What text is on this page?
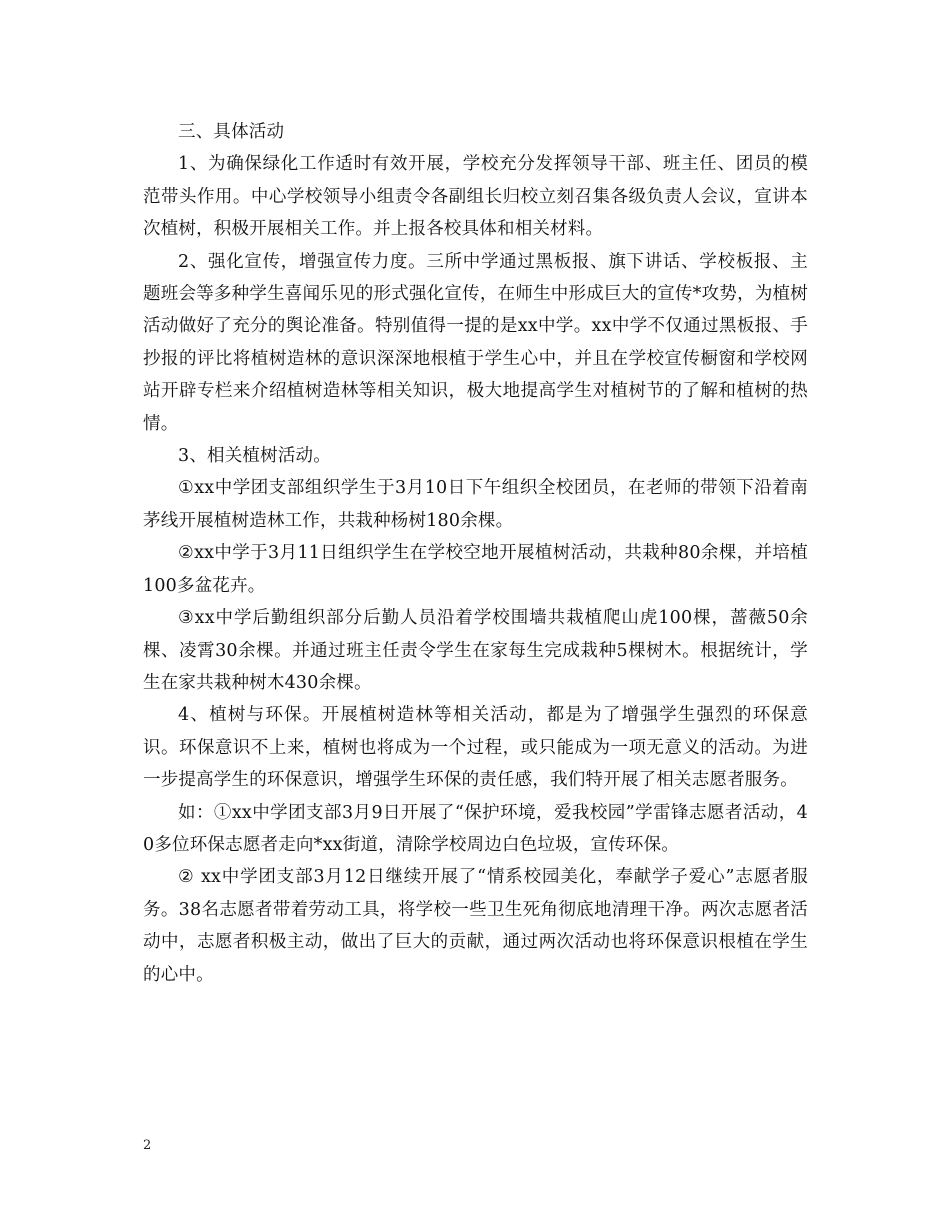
三、具体活动

1、为确保绿化工作适时有效开展，学校充分发挥领导干部、班主任、团员的模范带头作用。中心学校领导小组责令各副组长归校立刻召集各级负责人会议，宣讲本次植树，积极开展相关工作。并上报各校具体和相关材料。

2、强化宣传，增强宣传力度。三所中学通过黑板报、旗下讲话、学校板报、主题班会等多种学生喜闻乐见的形式强化宣传，在师生中形成巨大的宣传*攻势，为植树活动做好了充分的舆论准备。特别值得一提的是xx中学。xx中学不仅通过黑板报、手抄报的评比将植树造林的意识深深地根植于学生心中，并且在学校宣传橱窗和学校网站开辟专栏来介绍植树造林等相关知识，极大地提高学生对植树节的了解和植树的热情。

3、相关植树活动。

①xx中学团支部组织学生于3月10日下午组织全校团员，在老师的带领下沿着南茅线开展植树造林工作，共栽种杨树180余棵。

②xx中学于3月11日组织学生在学校空地开展植树活动，共栽种80余棵，并培植100多盆花卉。

③xx中学后勤组织部分后勤人员沿着学校围墙共栽植爬山虎100棵，蔷薇50余棵、凌霄30余棵。并通过班主任责令学生在家每生完成栽种5棵树木。根据统计，学生在家共栽种树木430余棵。

4、植树与环保。开展植树造林等相关活动，都是为了增强学生强烈的环保意识。环保意识不上来，植树也将成为一个过程，或只能成为一项无意义的活动。为进一步提高学生的环保意识，增强学生环保的责任感，我们特开展了相关志愿者服务。

如：①xx中学团支部3月9日开展了“保护环境，爱我校园”学雷锋志愿者活动，40多位环保志愿者走向*xx街道，清除学校周边白色垃圾，宣传环保。

② xx中学团支部3月12日继续开展了“情系校园美化，奉献学子爱心”志愿者服务。38名志愿者带着劳动工具，将学校一些卫生死角彻底地清理干净。两次志愿者活动中，志愿者积极主动，做出了巨大的贡献，通过两次活动也将环保意识根植在学生的心中。

2
